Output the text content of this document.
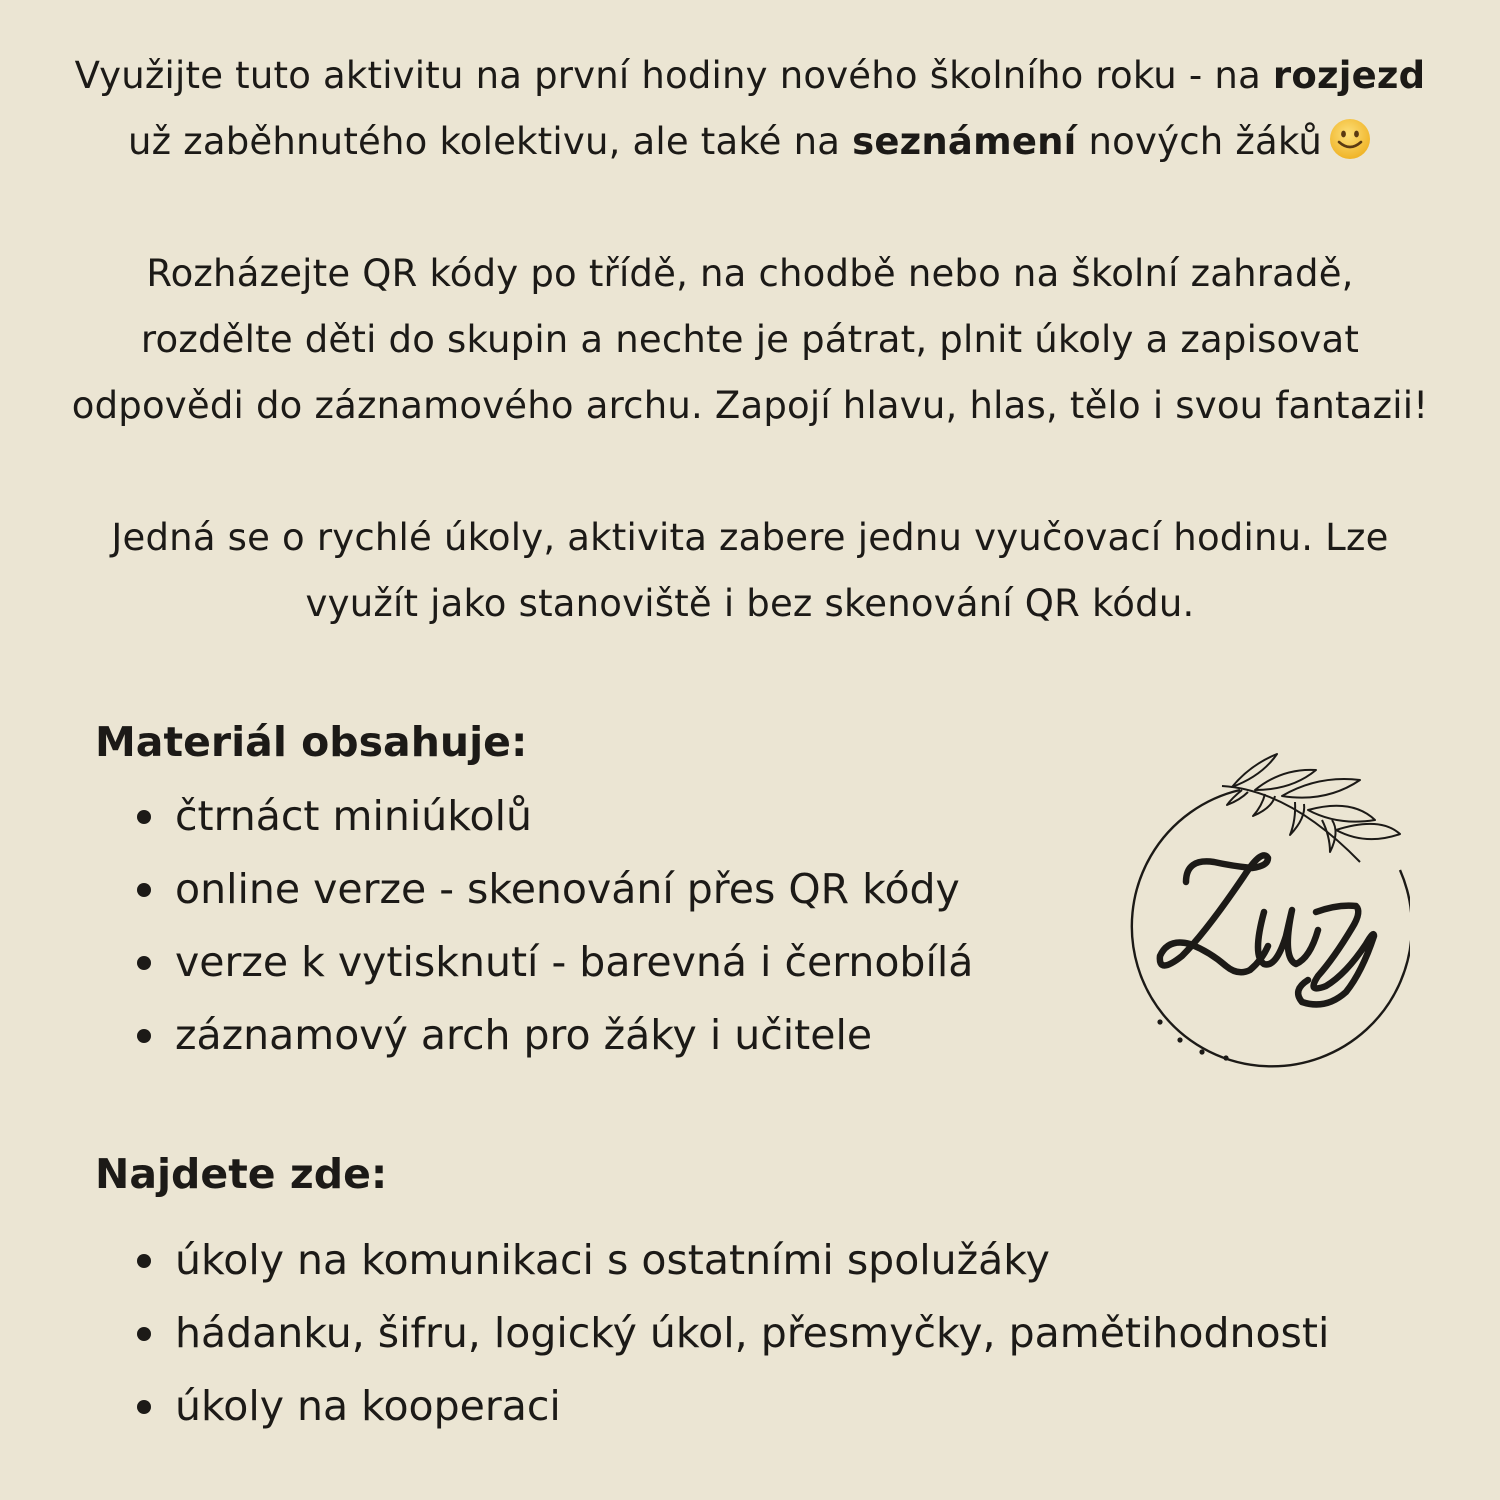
Využijte tuto aktivitu na první hodiny nového školního roku - na rozjezd

už zaběhnutého kolektivu, ale také na seznámení nových žáků

Rozházejte QR kódy po třídě, na chodbě nebo na školní zahradě,

rozdělte děti do skupin a nechte je pátrat, plnit úkoly a zapisovat

odpovědi do záznamového archu. Zapojí hlavu, hlas, tělo i svou fantazii!

Jedná se o rychlé úkoly, aktivita zabere jednu vyučovací hodinu. Lze

využít jako stanoviště i bez skenování QR kódu.

Materiál obsahuje:
čtrnáct miniúkolů
online verze - skenování přes QR kódy
verze k vytisknutí - barevná i černobílá
záznamový arch pro žáky i učitele
Najdete zde:
úkoly na komunikaci s ostatními spolužáky
hádanku, šifru, logický úkol, přesmyčky, pamětihodnosti
úkoly na kooperaci
